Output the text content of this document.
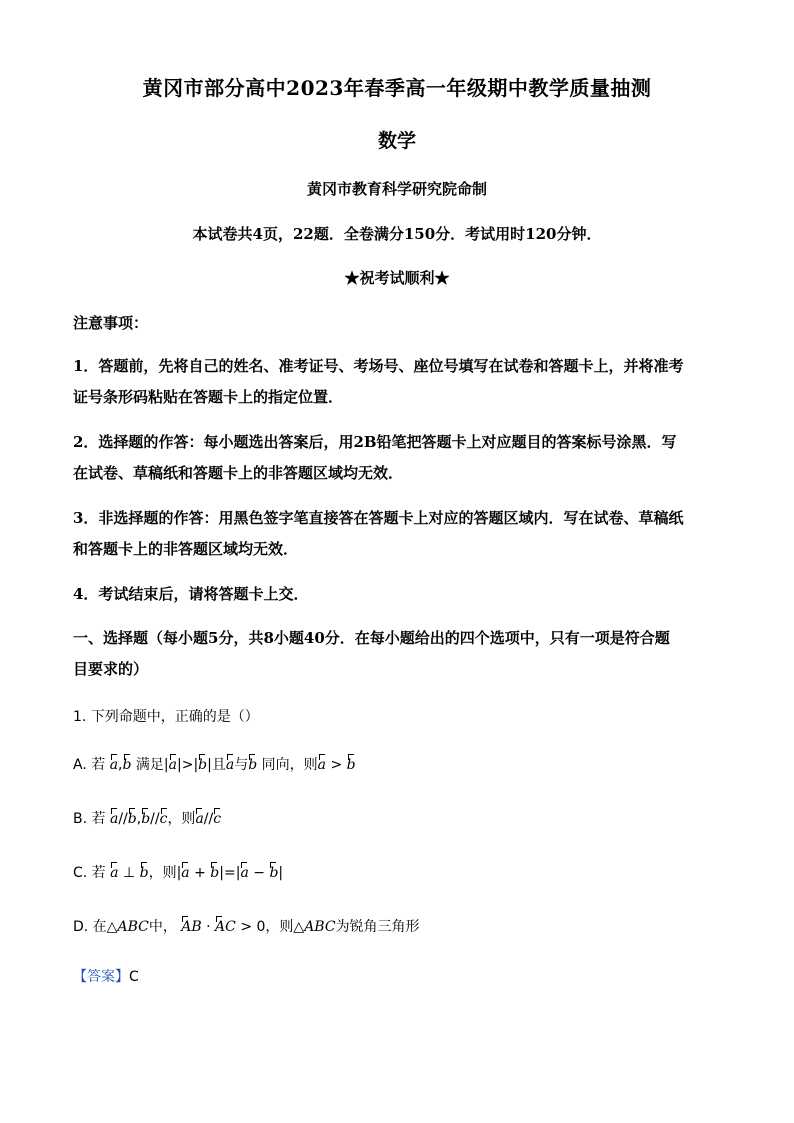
黄冈市部分高中2023年春季高一年级期中教学质量抽测
数学
黄冈市教育科学研究院命制
本试卷共4页，22题．全卷满分150分．考试用时120分钟．
★祝考试顺利★
注意事项：
1．答题前，先将自己的姓名、准考证号、考场号、座位号填写在试卷和答题卡上，并将准考
证号条形码粘贴在答题卡上的指定位置．
2．选择题的作答：每小题选出答案后，用2B铅笔把答题卡上对应题目的答案标号涂黑．写
在试卷、草稿纸和答题卡上的非答题区域均无效．
3．非选择题的作答：用黑色签字笔直接答在答题卡上对应的答题区域内．写在试卷、草稿纸
和答题卡上的非答题区域均无效．
4．考试结束后，请将答题卡上交．
一、选择题（每小题5分，共8小题40分．在每小题给出的四个选项中，只有一项是符合题
目要求的）
1. 下列命题中，正确的是（）
A. 若 a,b 满足|a|>|b|且a与b 同向，则a > b
B. 若 a//b,b//c，则a//c
C. 若 a ⊥ b，则|a + b|=|a − b|
D. 在△ABC中， AB · AC > 0，则△ABC为锐角三角形
【答案】C
